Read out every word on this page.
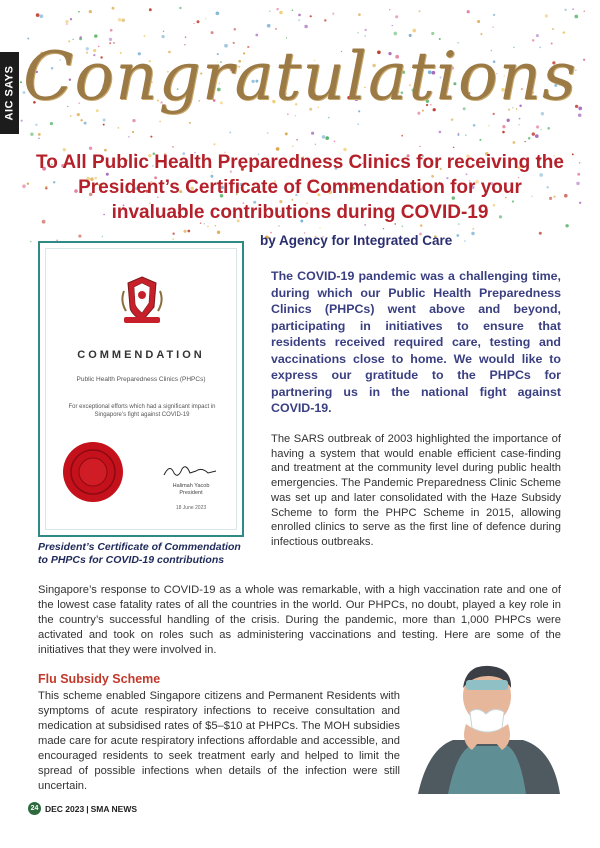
AIC SAYS Congratulations
To All Public Health Preparedness Clinics for receiving the President’s Certificate of Commendation for your invaluable contributions during COVID-19
by Agency for Integrated Care
COMMENDATION
Public Health Preparedness Clinics (PHPCs)
For exceptional efforts which had a significant impact in Singapore’s fight against COVID-19
Halimah Yacob
President
18 June 2023
President’s Certificate of Commendation to PHPCs for COVID-19 contributions
The COVID-19 pandemic was a challenging time, during which our Public Health Preparedness Clinics (PHPCs) went above and beyond, participating in initiatives to ensure that residents received required care, testing and vaccinations close to home. We would like to express our gratitude to the PHPCs for partnering us in the national fight against COVID-19.
The SARS outbreak of 2003 highlighted the importance of having a system that would enable efficient case-finding and treatment at the community level during public health emergencies. The Pandemic Preparedness Clinic Scheme was set up and later consolidated with the Haze Subsidy Scheme to form the PHPC Scheme in 2015, allowing enrolled clinics to serve as the first line of defence during infectious outbreaks.
Singapore’s response to COVID-19 as a whole was remarkable, with a high vaccination rate and one of the lowest case fatality rates of all the countries in the world. Our PHPCs, no doubt, played a key role in the country’s successful handling of the crisis. During the pandemic, more than 1,000 PHPCs were activated and took on roles such as administering vaccinations and testing. Here are some of the initiatives that they were involved in.
Flu Subsidy Scheme
This scheme enabled Singapore citizens and Permanent Residents with symptoms of acute respiratory infections to receive consultation and medication at subsidised rates of $5–$10 at PHPCs. The MOH subsidies made care for acute respiratory infections affordable and accessible, and encouraged residents to seek treatment early and helped to limit the spread of possible infections when details of the infection were still uncertain.
24 DEC 2023 | SMA NEWS
